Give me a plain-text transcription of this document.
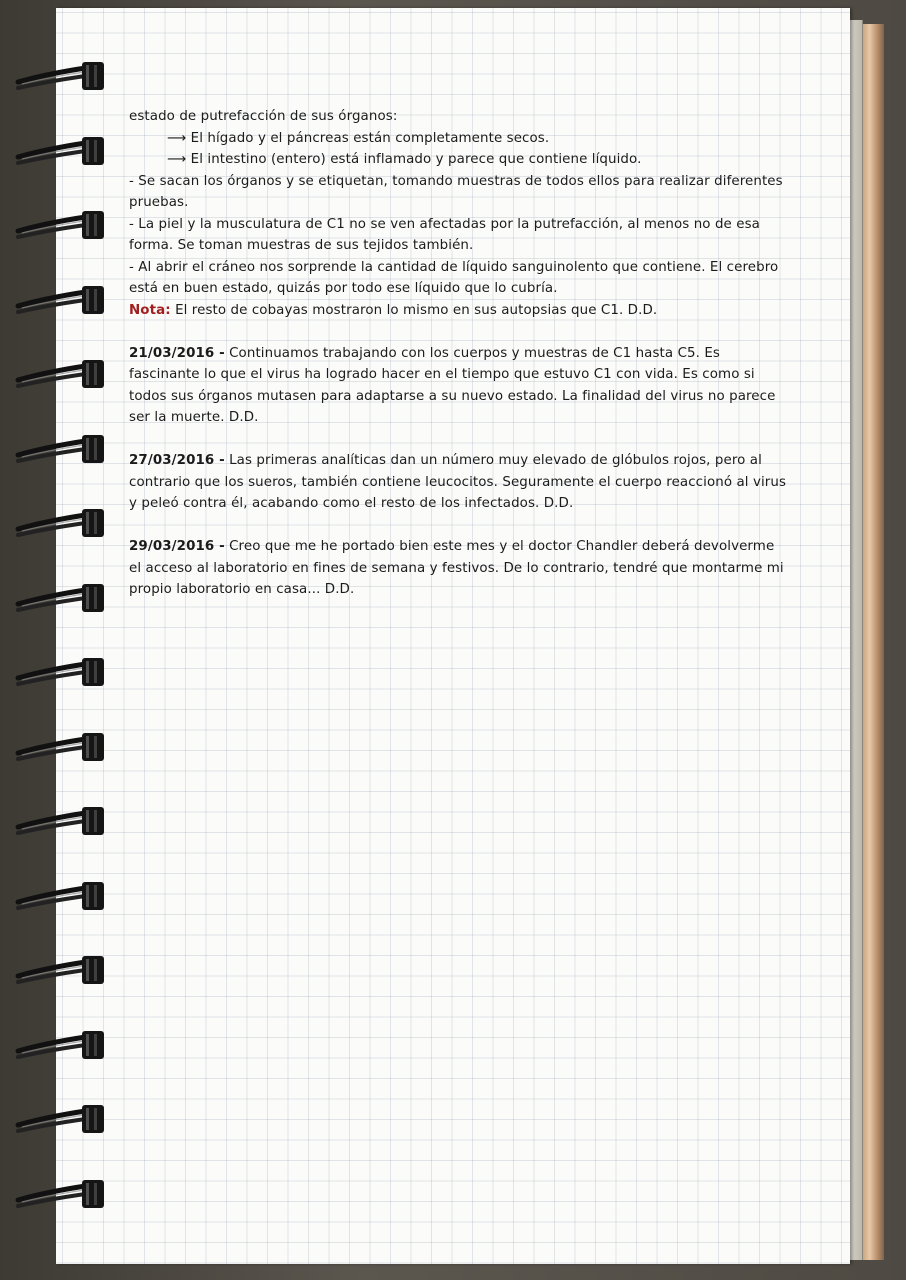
estado de putrefacción de sus órganos:

⟶ El hígado y el páncreas están completamente secos.

⟶ El intestino (entero) está inflamado y parece que contiene líquido.

- Se sacan los órganos y se etiquetan, tomando muestras de todos ellos para realizar diferentes pruebas.

- La piel y la musculatura de C1 no se ven afectadas por la putrefacción, al menos no de esa forma. Se toman muestras de sus tejidos también.

- Al abrir el cráneo nos sorprende la cantidad de líquido sanguinolento que contiene. El cerebro está en buen estado, quizás por todo ese líquido que lo cubría.

Nota: El resto de cobayas mostraron lo mismo en sus autopsias que C1. D.D.

21/03/2016 - Continuamos trabajando con los cuerpos y muestras de C1 hasta C5. Es fascinante lo que el virus ha logrado hacer en el tiempo que estuvo C1 con vida. Es como si todos sus órganos mutasen para adaptarse a su nuevo estado. La finalidad del virus no parece ser la muerte. D.D.

27/03/2016 - Las primeras analíticas dan un número muy elevado de glóbulos rojos, pero al contrario que los sueros, también contiene leucocitos. Seguramente el cuerpo reaccionó al virus y peleó contra él, acabando como el resto de los infectados. D.D.

29/03/2016 - Creo que me he portado bien este mes y el doctor Chandler deberá devolverme el acceso al laboratorio en fines de semana y festivos. De lo contrario, tendré que montarme mi propio laboratorio en casa... D.D.
